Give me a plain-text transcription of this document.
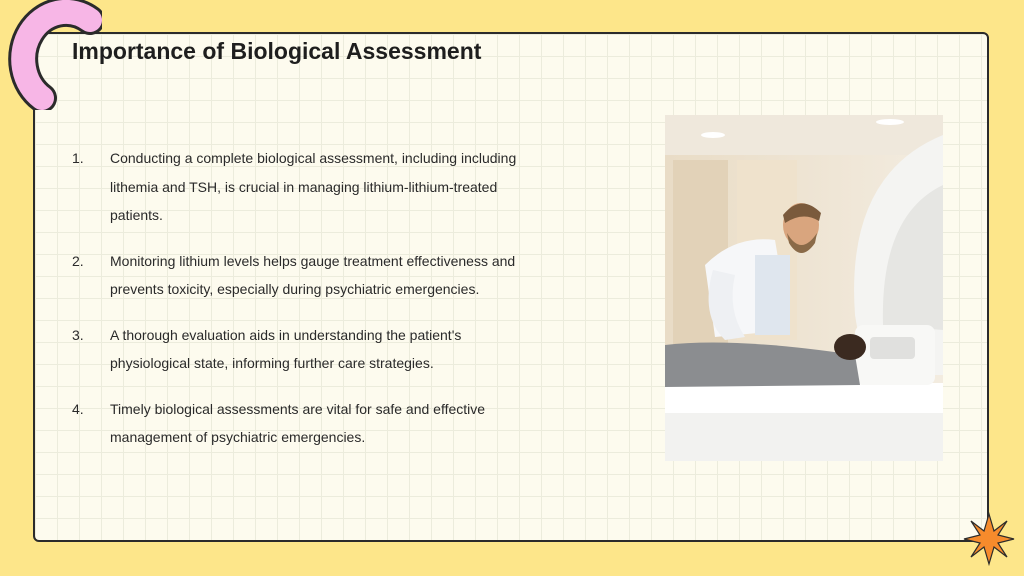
Importance of Biological Assessment
1.	Conducting a complete biological assessment, including including lithemia and TSH, is crucial in managing lithium-lithium-treated patients.
2.	Monitoring lithium levels helps gauge treatment effectiveness and prevents toxicity, especially during psychiatric emergencies.
3.	A thorough evaluation aids in understanding the patient's physiological state, informing further care strategies.
4.	Timely biological assessments are vital for safe and effective management of psychiatric emergencies.
Photo by Pexels
